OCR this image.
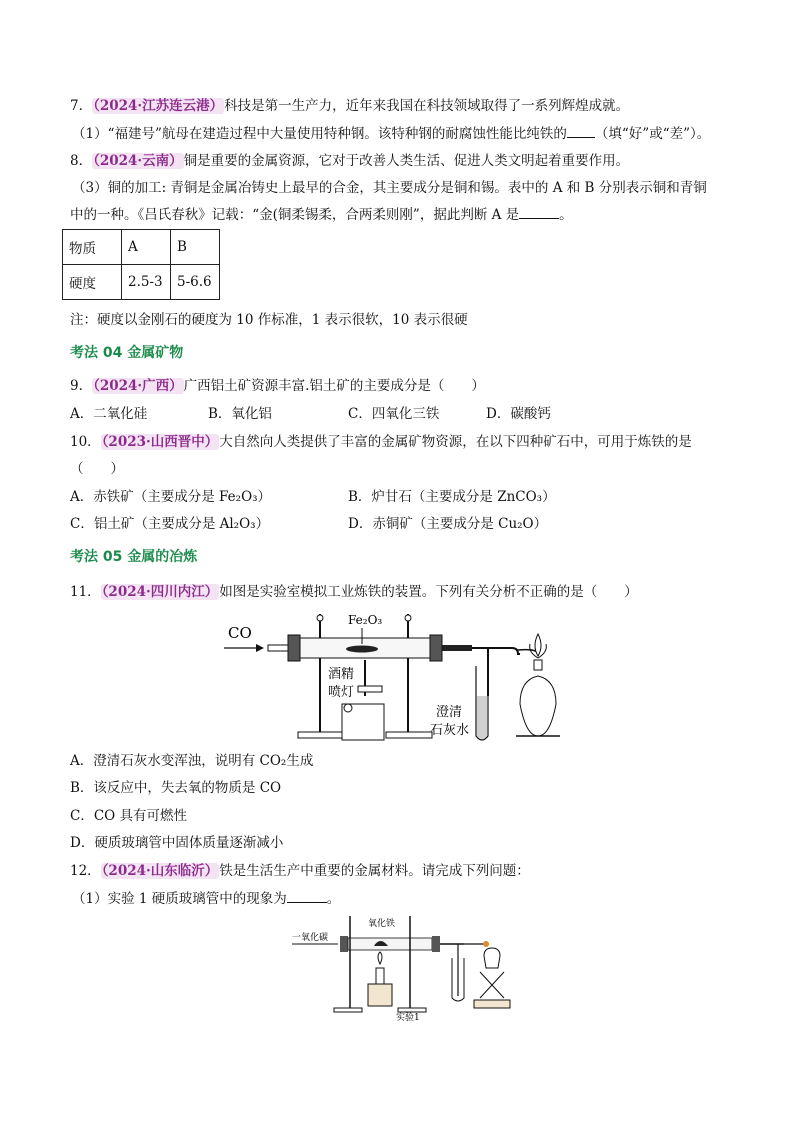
7．（2024·江苏连云港）科技是第一生产力，近年来我国在科技领域取得了一系列辉煌成就。
（1）“福建号”航母在建造过程中大量使用特种钢。该特种钢的耐腐蚀性能比纯铁的 （填“好”或“差”）。
8．（2024·云南）铜是重要的金属资源，它对于改善人类生活、促进人类文明起着重要作用。
（3）铜的加工: 青铜是金属冶铸史上最早的合金，其主要成分是铜和锡。表中的 A 和 B 分别表示铜和青铜
中的一种。《吕氏春秋》记载：“金(铜柔锡柔，合两柔则刚”，据此判断 A 是	。
物质	A	B
硬度	2.5-3	5-6.6
注：硬度以金刚石的硬度为 10 作标准，1 表示很软，10 表示很硬
考法 04 金属矿物
9．（2024·广西）广西铝土矿资源丰富.铝土矿的主要成分是（　　）
A．二氧化硅	B．氧化铝	C．四氧化三铁	D．碳酸钙
10．（2023·山西晋中）大自然向人类提供了丰富的金属矿物资源，在以下四种矿石中，可用于炼铁的是
（　　）
A．赤铁矿（主要成分是 Fe₂O₃）	B．炉甘石（主要成分是 ZnCO₃）
C．铝土矿（主要成分是 Al₂O₃）	D．赤铜矿（主要成分是 Cu₂O）
考法 05 金属的冶炼
11．（2024·四川内江）如图是实验室模拟工业炼铁的装置。下列有关分析不正确的是（　　）
CO
Fe₂O₃
酒精
喷灯
澄清
石灰水
A．澄清石灰水变浑浊，说明有 CO₂生成
B．该反应中，失去氧的物质是 CO
C．CO 具有可燃性
D．硬质玻璃管中固体质量逐渐减小
12．（2024·山东临沂）铁是生活生产中重要的金属材料。请完成下列问题：
（1）实验 1 硬质玻璃管中的现象为	。
一氧化碳
氧化铁
实验1
